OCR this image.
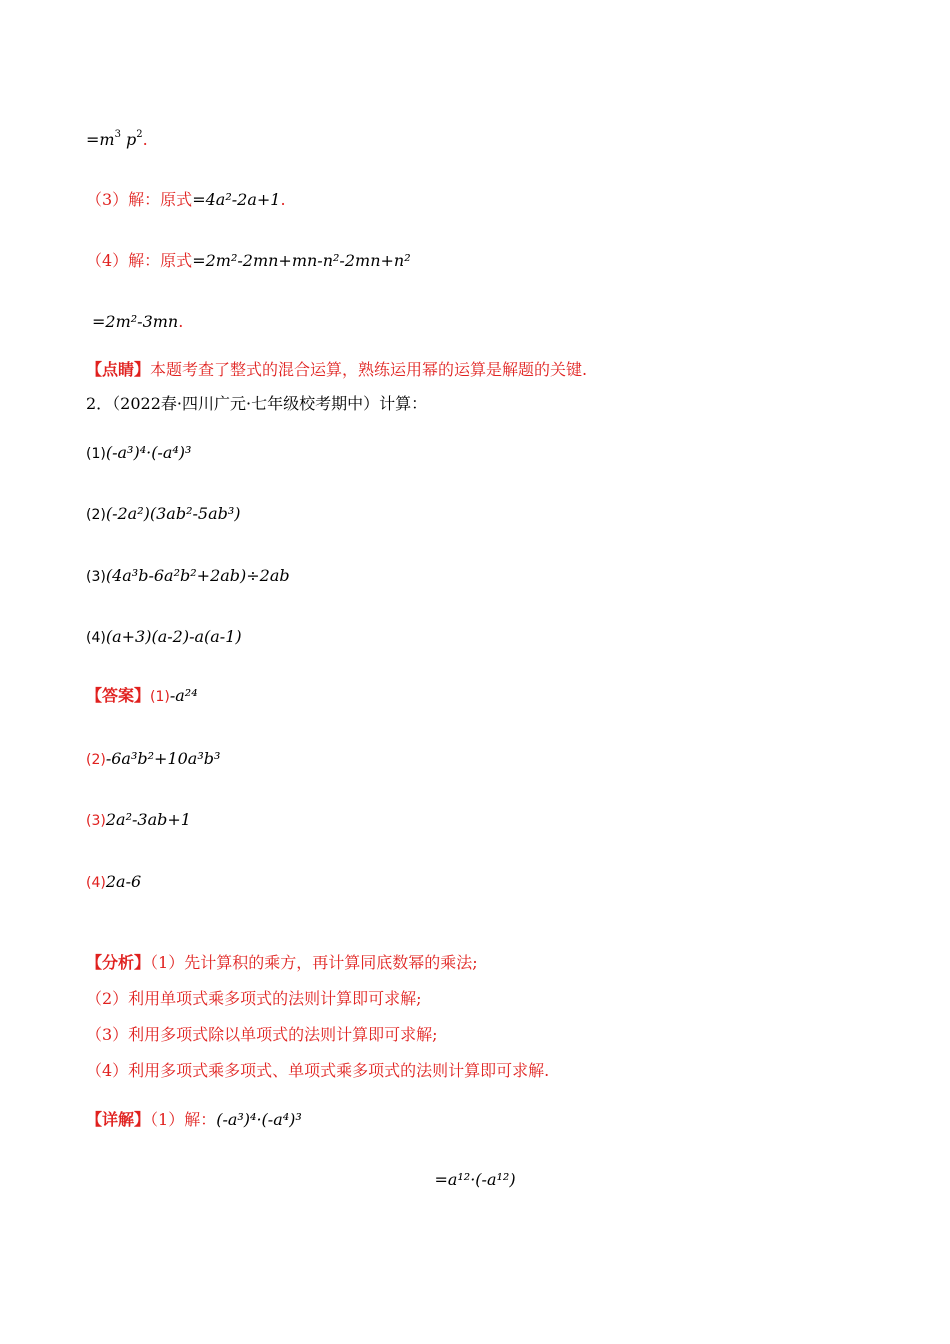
$=m^3$ $p^2$.
（3）解：原式=4a²-2a+1.
（4）解：原式=2m²-2mn+mn-n²-2mn+n²
=2m²-3mn.
【点睛】本题考查了整式的混合运算，熟练运用幂的运算是解题的关键.
2．（2022春·四川广元·七年级校考期中）计算：
(1)(-a³)⁴·(-a⁴)³
(2)(-2a²)(3ab²-5ab³)
(3)(4a³b-6a²b²+2ab)÷2ab
(4)(a+3)(a-2)-a(a-1)
【答案】(1)-a²⁴
(2)-6a³b²+10a³b³
(3)2a²-3ab+1
(4)2a-6
【分析】（1）先计算积的乘方，再计算同底数幂的乘法;
（2）利用单项式乘多项式的法则计算即可求解;
（3）利用多项式除以单项式的法则计算即可求解;
（4）利用多项式乘多项式、单项式乘多项式的法则计算即可求解.
【详解】（1）解：(-a³)⁴·(-a⁴)³
=a¹²·(-a¹²)
